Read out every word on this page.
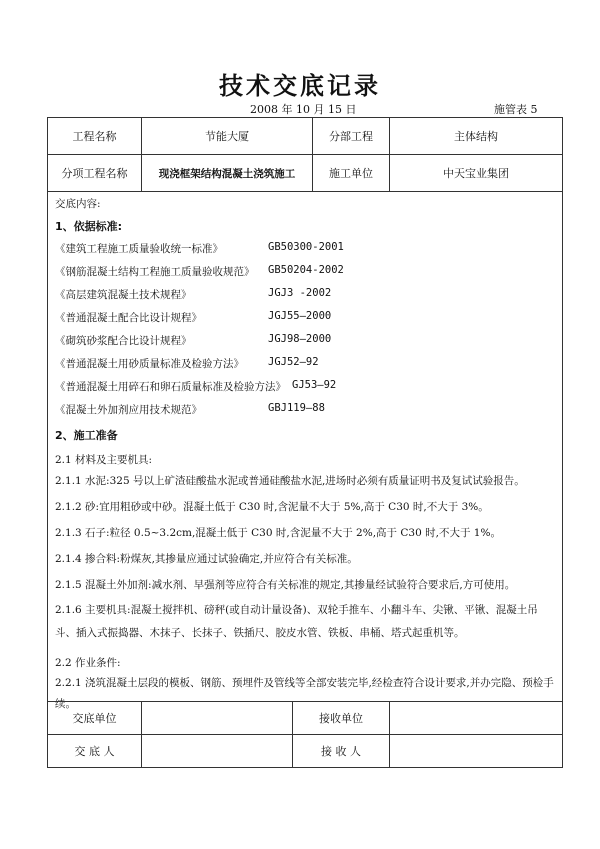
技术交底记录
2008 年 10 月 15 日	施管表 5
工程名称	节能大厦	分部工程	主体结构
分项工程名称	现浇框架结构混凝土浇筑施工	施工单位	中天宝业集团
交底内容:
1、依据标准:
《建筑工程施工质量验收统一标准》	GB50300-2001
《钢筋混凝土结构工程施工质量验收规范》 GB50204-2002
《高层建筑混凝土技术规程》	JGJ3 -2002
《普通混凝土配合比设计规程》	JGJ55—2000
《砌筑砂浆配合比设计规程》	JGJ98—2000
《普通混凝土用砂质量标准及检验方法》 JGJ52—92
《普通混凝土用碎石和卵石质量标准及检验方法》 GJ53—92
《混凝土外加剂应用技术规范》	GBJ119—88
2、施工准备
2.1 材料及主要机具:
2.1.1 水泥:325 号以上矿渣硅酸盐水泥或普通硅酸盐水泥,进场时必须有质量证明书及复试试验报告。
2.1.2 砂:宜用粗砂或中砂。混凝土低于 C30 时,含泥量不大于 5%,高于 C30 时,不大于 3%。
2.1.3 石子:粒径 0.5~3.2cm,混凝土低于 C30 时,含泥量不大于 2%,高于 C30 时,不大于 1%。
2.1.4 掺合料:粉煤灰,其掺量应通过试验确定,并应符合有关标准。
2.1.5 混凝土外加剂:减水剂、早强剂等应符合有关标准的规定,其掺量经试验符合要求后,方可使用。
2.1.6 主要机具:混凝土搅拌机、磅秤(或自动计量设备)、双轮手推车、小翻斗车、尖锹、平锹、混凝土吊斗、插入式振捣器、木抹子、长抹子、铁插尺、胶皮水管、铁板、串桶、塔式起重机等。
2.2 作业条件:
2.2.1 浇筑混凝土层段的模板、钢筋、预埋件及管线等全部安装完毕,经检查符合设计要求,并办完隐、预检手续。
交底单位		接收单位	
交 底 人		接 收 人	
